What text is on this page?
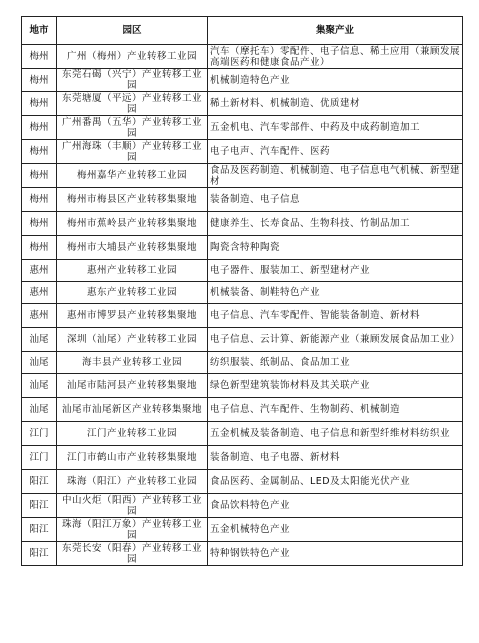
地市	园区	集聚产业
梅州	广州（梅州）产业转移工业园	汽车（摩托车）零配件、电子信息、稀土应用（兼顾发展高端医药和健康食品产业）
梅州	东莞石碣（兴宁）产业转移工业园	机械制造特色产业
梅州	东莞塘厦（平远）产业转移工业园	稀土新材料、机械制造、优质建材
梅州	广州番禺（五华）产业转移工业园	五金机电、汽车零部件、中药及中成药制造加工
梅州	广州海珠（丰顺）产业转移工业园	电子电声、汽车配件、医药
梅州	梅州嘉华产业转移工业园	食品及医药制造、机械制造、电子信息电气机械、新型建材
梅州	梅州市梅县区产业转移集聚地	装备制造、电子信息
梅州	梅州市蕉岭县产业转移集聚地	健康养生、长寿食品、生物科技、竹制品加工
梅州	梅州市大埔县产业转移集聚地	陶瓷含特种陶瓷
惠州	惠州产业转移工业园	电子器件、服装加工、新型建材产业
惠州	惠东产业转移工业园	机械装备、制鞋特色产业
惠州	惠州市博罗县产业转移集聚地	电子信息、汽车零配件、智能装备制造、新材料
汕尾	深圳（汕尾）产业转移工业园	电子信息、云计算、新能源产业（兼顾发展食品加工业）
汕尾	海丰县产业转移工业园	纺织服装、纸制品、食品加工业
汕尾	汕尾市陆河县产业转移集聚地	绿色新型建筑装饰材料及其关联产业
汕尾	汕尾市汕尾新区产业转移集聚地	电子信息、汽车配件、生物制药、机械制造
江门	江门产业转移工业园	五金机械及装备制造、电子信息和新型纤维材料纺织业
江门	江门市鹤山市产业转移集聚地	装备制造、电子电器、新材料
阳江	珠海（阳江）产业转移工业园	食品医药、金属制品、LED及太阳能光伏产业
阳江	中山火炬（阳西）产业转移工业园	食品饮料特色产业
阳江	珠海（阳江万象）产业转移工业园	五金机械特色产业
阳江	东莞长安（阳春）产业转移工业园	特种钢铁特色产业
